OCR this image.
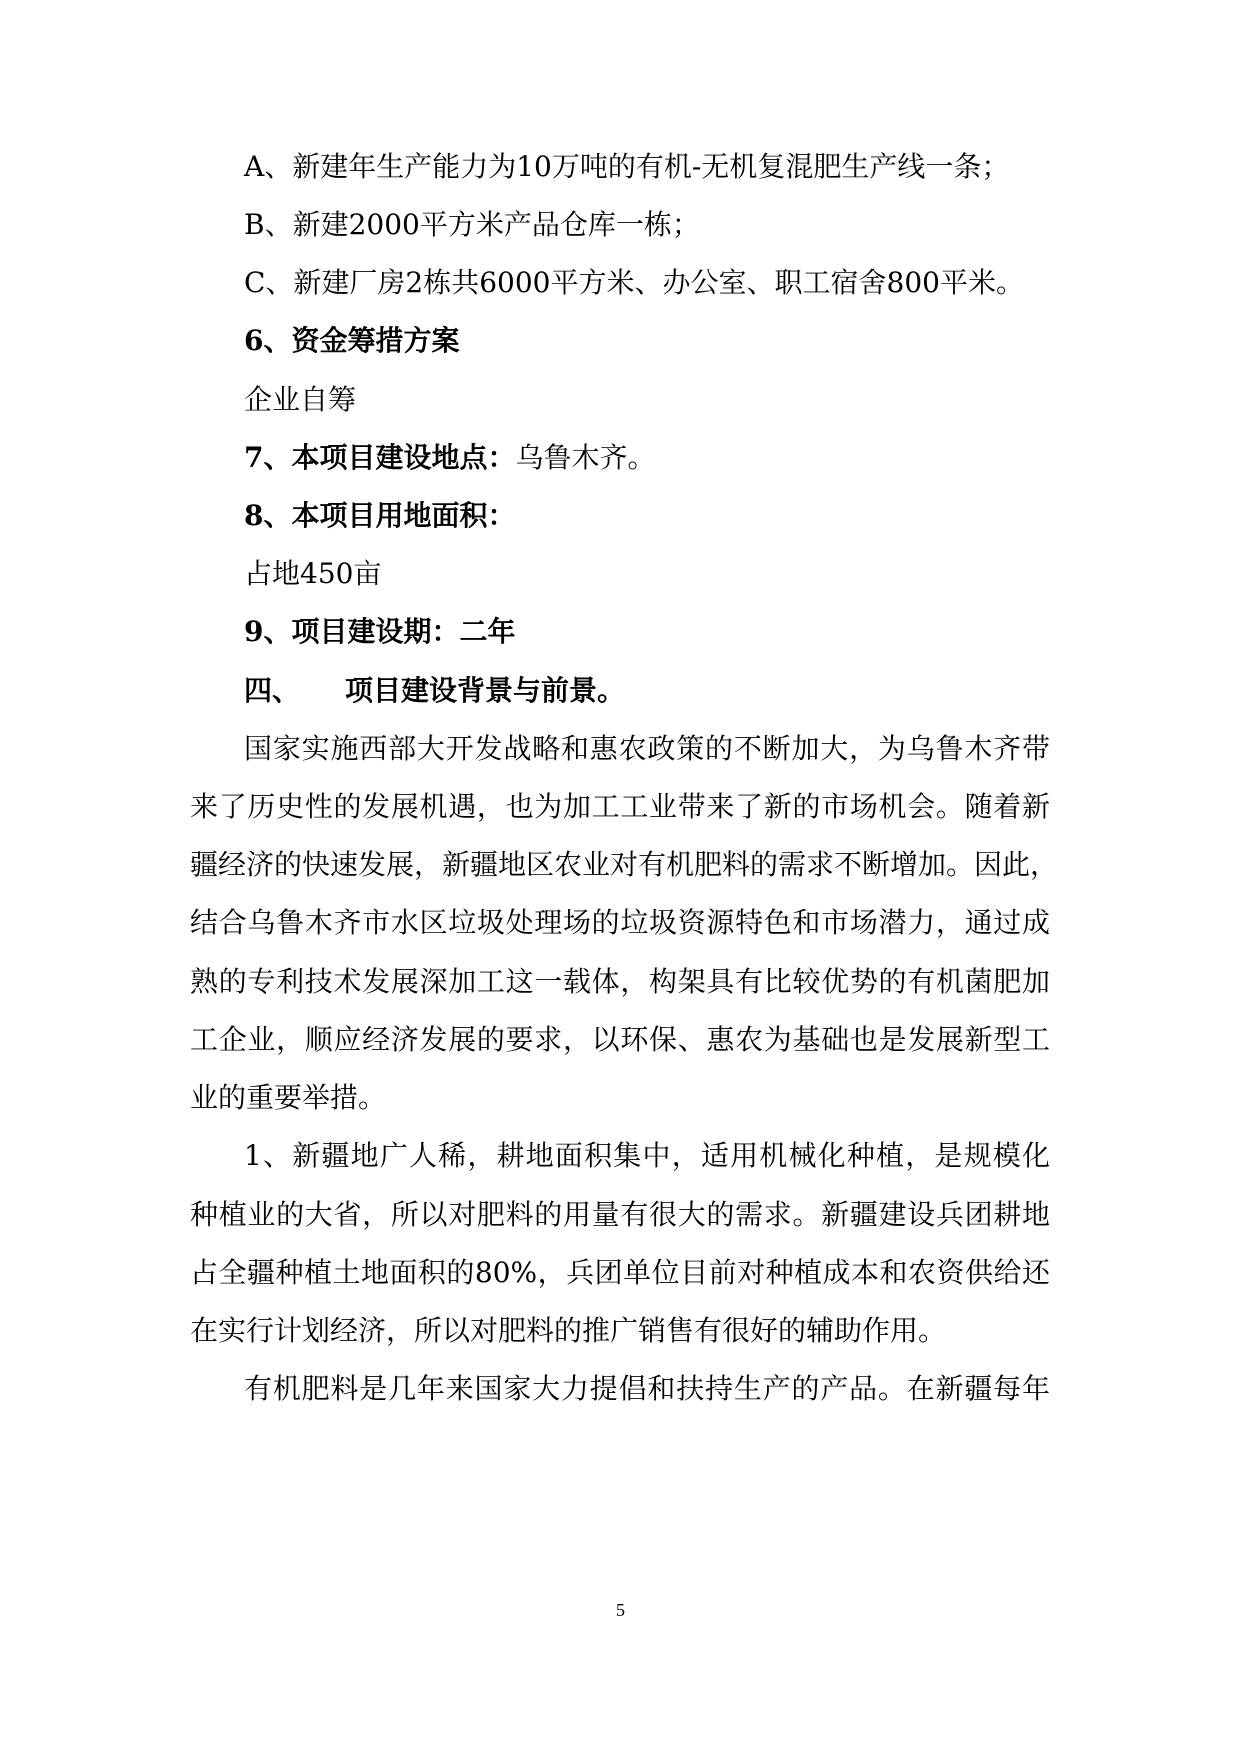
A、新建年生产能力为10万吨的有机-无机复混肥生产线一条；
B、新建2000平方米产品仓库一栋；
C、新建厂房2栋共6000平方米、办公室、职工宿舍800平米。
6、资金筹措方案
企业自筹
7、本项目建设地点：乌鲁木齐。
8、本项目用地面积：
占地450亩
9、项目建设期：二年
四、 项目建设背景与前景。
国家实施西部大开发战略和惠农政策的不断加大，为乌鲁木齐带
来了历史性的发展机遇，也为加工工业带来了新的市场机会。随着新
疆经济的快速发展，新疆地区农业对有机肥料的需求不断增加。因此，
结合乌鲁木齐市水区垃圾处理场的垃圾资源特色和市场潜力，通过成
熟的专利技术发展深加工这一载体，构架具有比较优势的有机菌肥加
工企业，顺应经济发展的要求，以环保、惠农为基础也是发展新型工
业的重要举措。
1、新疆地广人稀，耕地面积集中，适用机械化种植，是规模化
种植业的大省，所以对肥料的用量有很大的需求。新疆建设兵团耕地
占全疆种植土地面积的80%，兵团单位目前对种植成本和农资供给还
在实行计划经济，所以对肥料的推广销售有很好的辅助作用。
有机肥料是几年来国家大力提倡和扶持生产的产品。在新疆每年
5
